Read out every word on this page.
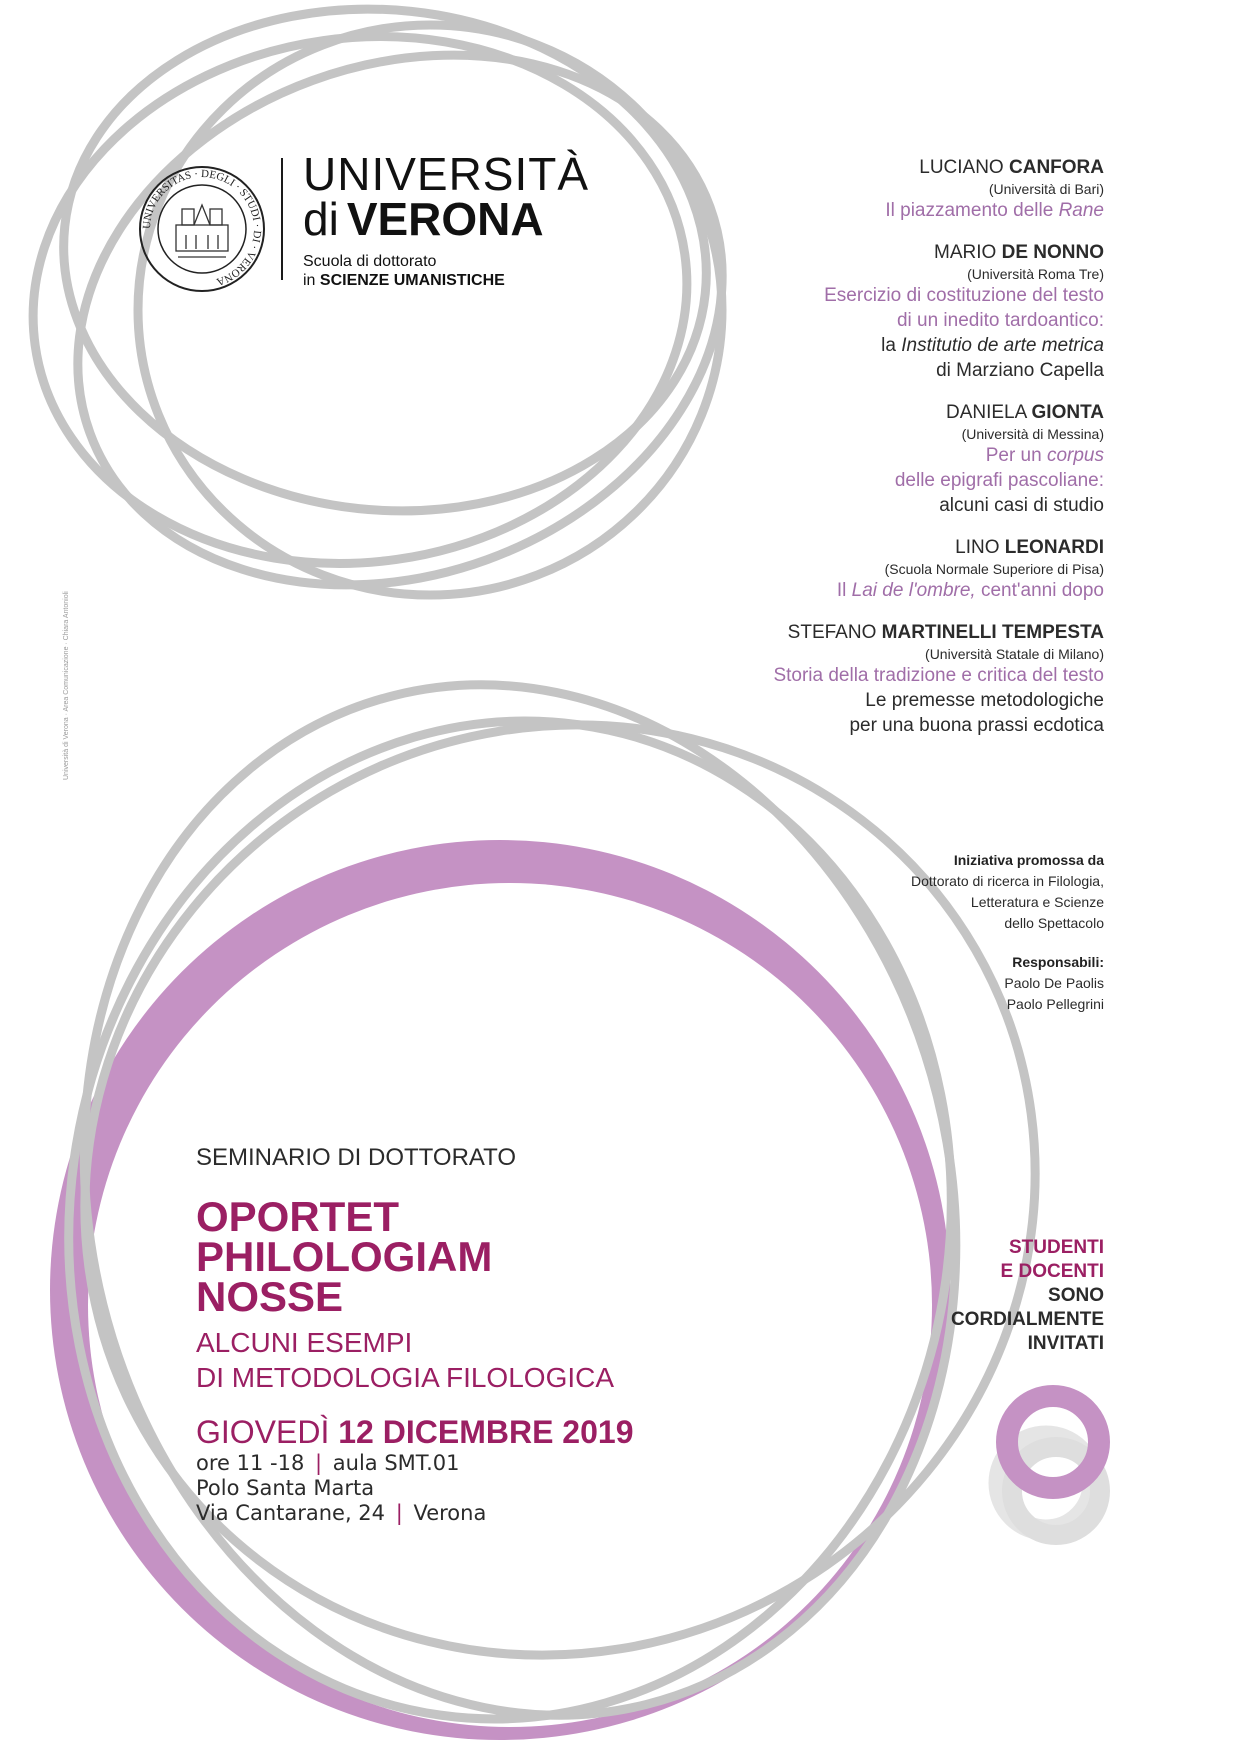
UNIVERSITAS · DEGLI · STUDI · DI · VERONA
UNIVERSITÀ
di VERONA
Scuola di dottorato
in SCIENZE UMANISTICHE
Università di Verona · Area Comunicazione · Chiara Antonioli
LUCIANO CANFORA
(Università di Bari)
Il piazzamento delle Rane
MARIO DE NONNO
(Università Roma Tre)
Esercizio di costituzione del testo
di un inedito tardoantico:
la Institutio de arte metrica
di Marziano Capella
DANIELA GIONTA
(Università di Messina)
Per un corpus
delle epigrafi pascoliane:
alcuni casi di studio
LINO LEONARDI
(Scuola Normale Superiore di Pisa)
Il Lai de l'ombre, cent'anni dopo
STEFANO MARTINELLI TEMPESTA
(Università Statale di Milano)
Storia della tradizione e critica del testo
Le premesse metodologiche
per una buona prassi ecdotica
Iniziativa promossa da
Dottorato di ricerca in Filologia,
Letteratura e Scienze
dello Spettacolo
Responsabili:
Paolo De Paolis
Paolo Pellegrini
STUDENTI
E DOCENTI
SONO
CORDIALMENTE
INVITATI
SEMINARIO DI DOTTORATO
OPORTET
PHILOLOGIAM
NOSSE
ALCUNI ESEMPI
DI METODOLOGIA FILOLOGICA
GIOVEDÌ 12 DICEMBRE 2019
ore 11 -18 | aula SMT.01
Polo Santa Marta
Via Cantarane, 24 | Verona
